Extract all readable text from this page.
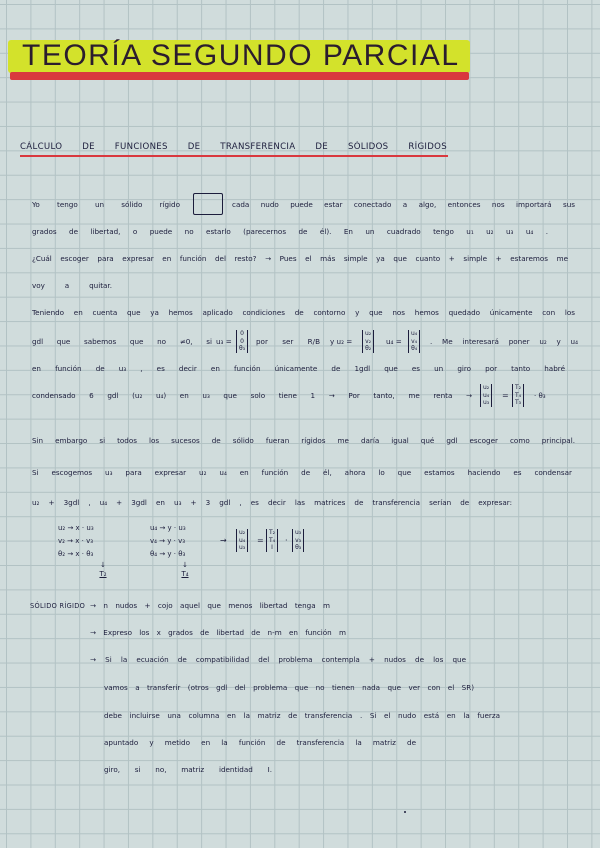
TEORÍA SEGUNDO PARCIAL
CÁLCULO DE FUNCIONES DE TRANSFERENCIA DE SÓLIDOS RÍGIDOS
Yo tengo un sólido rígido	cada nudo puede estar conectado a algo, entonces nos importará sus
grados de libertad, o puede no estarlo (parecernos de él). En un cuadrado tengo u₁ u₂ u₃ u₄ .
¿Cuál escoger para expresar en función del resto? → Pues el más simple ya que cuanto + simple + estaremos me
voy a quitar.
Teniendo en cuenta que ya hemos aplicado condiciones de contorno y que nos hemos quedado únicamente con los
gdl que sabemos que no ≠0, si u₃ =
0
0
θ₃
por ser R/B y u₂ =
u₂
v₂
θ₂
u₄ =
u₄
v₄
θ₄
. Me interesará poner u₂ y u₄
en función de u₃ , es decir en función únicamente de 1gdl que es un giro por tanto habré
condensado 6 gdl (u₂ u₄) en u₃ que solo tiene 1 → Por tanto, me renta →
u₂
u₄
u₃
=
T₂
T₄
T₃
· θ₃
Sin embargo si todos los sucesos de sólido fueran rígidos me daría igual qué gdl escoger como principal.
Si escogemos u₃ para expresar u₂ u₄ en función de él, ahora lo que estamos haciendo es condensar
u₂ + 3gdl , u₄ + 3gdl en u₃ + 3 gdl , es decir las matrices de transferencia serían de expresar:
u₂ → x · u₃
v₂ → x · v₃
θ₂ → x · θ₃
u₄ → y · u₃
v₄ → y · v₃
θ₄ → y · θ₃
↓
T₂
↓
T₄
→
u₂
u₄
u₃
=
T₂
T₄
I
·
u₃
v₃
θ₃
SÓLIDO RÍGIDO → n nudos + cojo aquel que menos libertad tenga m
→ Expreso los x grados de libertad de n-m en función m
→ Si la ecuación de compatibilidad del problema contempla + nudos de los que
vamos a transferir (otros gdl del problema que no tienen nada que ver con el SR)
debe incluirse una columna en la matriz de transferencia . Si el nudo está en la fuerza
apuntado y metido en la función de transferencia la matriz de
giro, si no, matriz identidad I.
